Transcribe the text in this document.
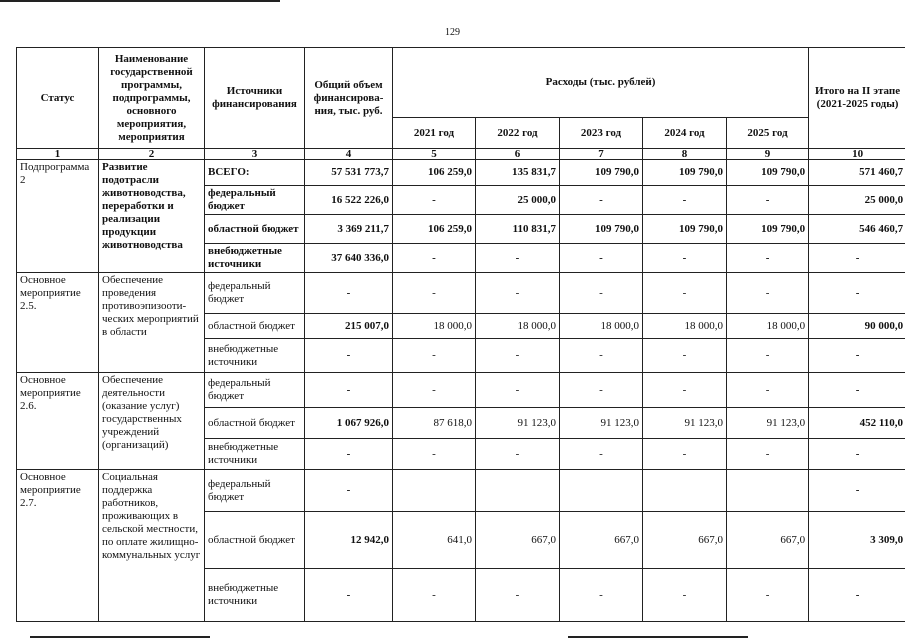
129
Статус	Наименование государственной программы, подпрограммы, основного мероприятия, мероприятия	Источники финансирования	Общий объем финансирова-ния, тыс. руб.	Расходы (тыс. рублей)					Итого на II этапе (2021-2025 годы)
				2021 год	2022 год	2023 год	2024 год	2025 год	
1	2	3	4	5	6	7	8	9	10
Подпрограмма 2	Развитие подотрасли животноводства, переработки и реализации продукции животноводства	ВСЕГО:	57 531 773,7	106 259,0	135 831,7	109 790,0	109 790,0	109 790,0	571 460,7
		федеральный бюджет	16 522 226,0	-	25 000,0	-	-	-	25 000,0
		областной бюджет	3 369 211,7	106 259,0	110 831,7	109 790,0	109 790,0	109 790,0	546 460,7
		внебюджетные источники	37 640 336,0	-	-	-	-	-	-
Основное мероприятие 2.5.	Обеспечение проведения противоэпизооти-ческих мероприятий в области	федеральный бюджет	-	-	-	-	-	-	-
		областной бюджет	215 007,0	18 000,0	18 000,0	18 000,0	18 000,0	18 000,0	90 000,0
		внебюджетные источники	-	-	-	-	-	-	-
Основное мероприятие 2.6.	Обеспечение деятельности (оказание услуг) государственных учреждений (организаций)	федеральный бюджет	-	-	-	-	-	-	-
		областной бюджет	1 067 926,0	87 618,0	91 123,0	91 123,0	91 123,0	91 123,0	452 110,0
		внебюджетные источники	-	-	-	-	-	-	-
Основное мероприятие 2.7.	Социальная поддержка работников, проживающих в сельской местности, по оплате жилищно-коммунальных услуг	федеральный бюджет	-						-
		областной бюджет	12 942,0	641,0	667,0	667,0	667,0	667,0	3 309,0
		внебюджетные источники	-	-	-	-	-	-	-
